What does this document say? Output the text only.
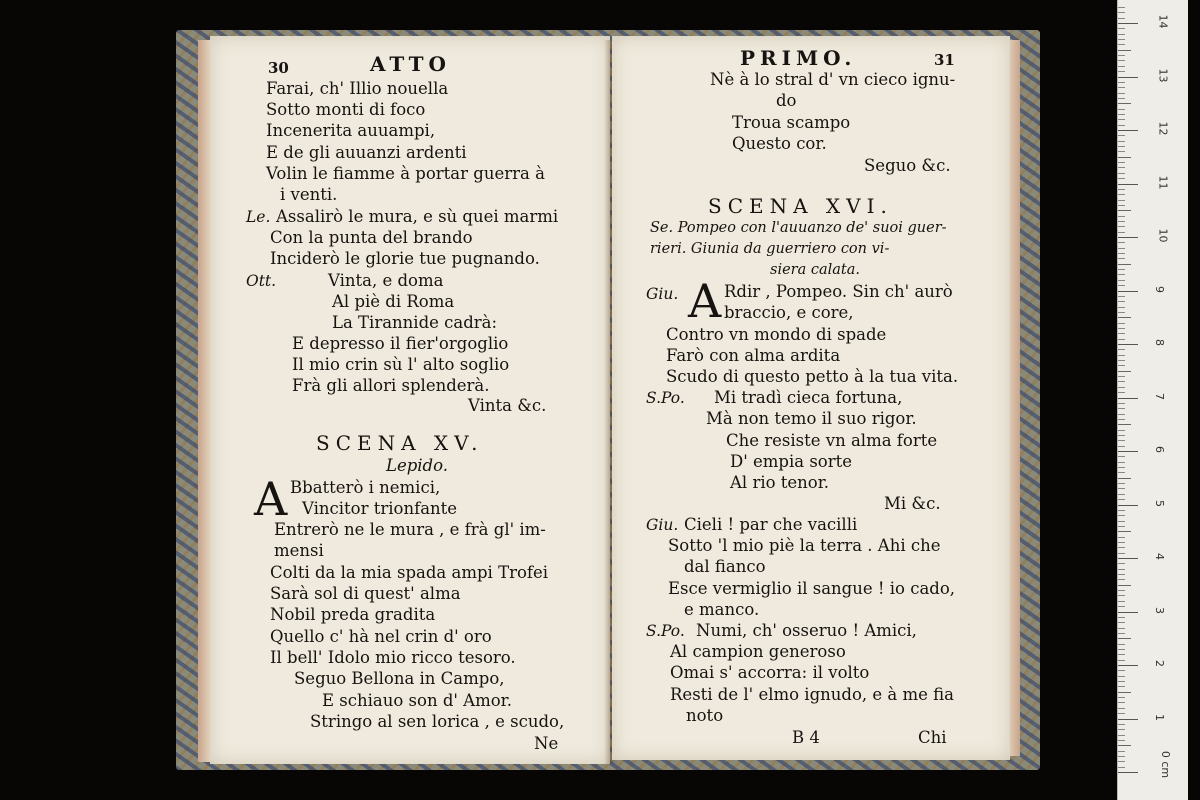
30	ATTO
Farai, ch' Illio nouella
Sotto monti di foco
Incenerita auuampi,
E de gli auuanzi ardenti
Volin le fiamme à portar guerra à
i venti.
Le. Assalirò le mura, e sù quei marmi
Con la punta del brando
Inciderò le glorie tue pugnando.
Ott.	Vinta, e doma
Al piè di Roma
La Tirannide cadrà:
E depresso il fier'orgoglio
Il mio crin sù l' alto soglio
Frà gli allori splenderà.
Vinta &c.
SCENA XV.
Lepido.
A Bbatterò i nemici,
Vincitor trionfante
Entrerò ne le mura , e frà gl' im-
mensi
Colti da la mia spada ampi Trofei
Sarà sol di quest' alma
Nobil preda gradita
Quello c' hà nel crin d' oro
Il bell' Idolo mio ricco tesoro.
Seguo Bellona in Campo,
E schiauo son d' Amor.
Stringo al sen lorica , e scudo,
Ne
PRIMO.	31
Nè à lo stral d' vn cieco ignu-
do
Troua scampo
Questo cor.
Seguo &c.
SCENA XVI.
Se. Pompeo con l'auuanzo de' suoi guer-
rieri. Giunia da guerriero con vi-
siera calata.
Giu. A Rdir , Pompeo. Sin ch' aurò
braccio, e core,
Contro vn mondo di spade
Farò con alma ardita
Scudo di questo petto à la tua vita.
S.Po. Mi tradì cieca fortuna,
Mà non temo il suo rigor.
Che resiste vn alma forte
D' empia sorte
Al rio tenor.
Mi &c.
Giu. Cieli ! par che vacilli
Sotto 'l mio piè la terra . Ahi che
dal fianco
Esce vermiglio il sangue ! io cado,
e manco.
S.Po. Numi, ch' osseruo ! Amici,
Al campion generoso
Omai s' accorra: il volto
Resti de l' elmo ignudo, e à me fia
noto
B 4	Chi
0 cm
1
2
3
4
5
6
7
8
9
10
11
12
13
14
